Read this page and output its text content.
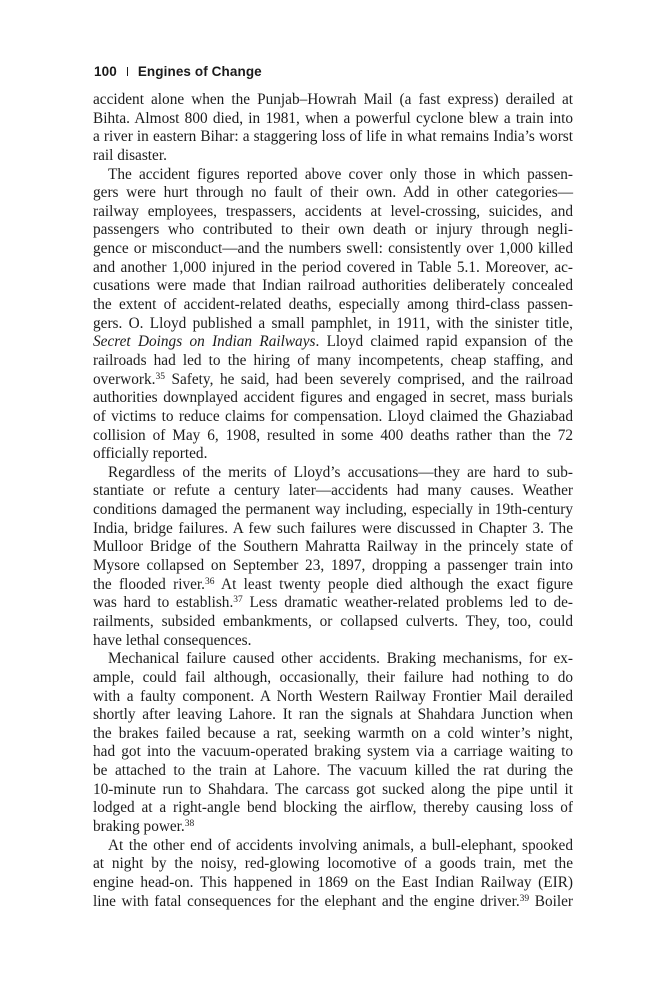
100 Engines of Change
accident alone when the Punjab–Howrah Mail (a fast express) derailed at
Bihta. Almost 800 died, in 1981, when a powerful cyclone blew a train into
a river in eastern Bihar: a staggering loss of life in what remains India’s worst
rail disaster.
The accident figures reported above cover only those in which passen-
gers were hurt through no fault of their own. Add in other categories—
railway employees, trespassers, accidents at level-crossing, suicides, and
passengers who contributed to their own death or injury through negli-
gence or misconduct—and the numbers swell: consistently over 1,000 killed
and another 1,000 injured in the period covered in Table 5.1. Moreover, ac-
cusations were made that Indian railroad authorities deliberately concealed
the extent of accident-related deaths, especially among third-class passen-
gers. O. Lloyd published a small pamphlet, in 1911, with the sinister title,
Secret Doings on Indian Railways. Lloyd claimed rapid expansion of the
railroads had led to the hiring of many incompetents, cheap staffing, and
overwork.$^{35}$ Safety, he said, had been severely comprised, and the railroad
authorities downplayed accident figures and engaged in secret, mass burials
of victims to reduce claims for compensation. Lloyd claimed the Ghaziabad
collision of May 6, 1908, resulted in some 400 deaths rather than the 72
officially reported.
Regardless of the merits of Lloyd’s accusations—they are hard to sub-
stantiate or refute a century later—accidents had many causes. Weather
conditions damaged the permanent way including, especially in 19th-century
India, bridge failures. A few such failures were discussed in Chapter 3. The
Mulloor Bridge of the Southern Mahratta Railway in the princely state of
Mysore collapsed on September 23, 1897, dropping a passenger train into
the flooded river.$^{36}$ At least twenty people died although the exact figure
was hard to establish.$^{37}$ Less dramatic weather-related problems led to de-
railments, subsided embankments, or collapsed culverts. They, too, could
have lethal consequences.
Mechanical failure caused other accidents. Braking mechanisms, for ex-
ample, could fail although, occasionally, their failure had nothing to do
with a faulty component. A North Western Railway Frontier Mail derailed
shortly after leaving Lahore. It ran the signals at Shahdara Junction when
the brakes failed because a rat, seeking warmth on a cold winter’s night,
had got into the vacuum-operated braking system via a carriage waiting to
be attached to the train at Lahore. The vacuum killed the rat during the
10-minute run to Shahdara. The carcass got sucked along the pipe until it
lodged at a right-angle bend blocking the airflow, thereby causing loss of
braking power.$^{38}$
At the other end of accidents involving animals, a bull-elephant, spooked
at night by the noisy, red-glowing locomotive of a goods train, met the
engine head-on. This happened in 1869 on the East Indian Railway (EIR)
line with fatal consequences for the elephant and the engine driver.$^{39}$ Boiler
